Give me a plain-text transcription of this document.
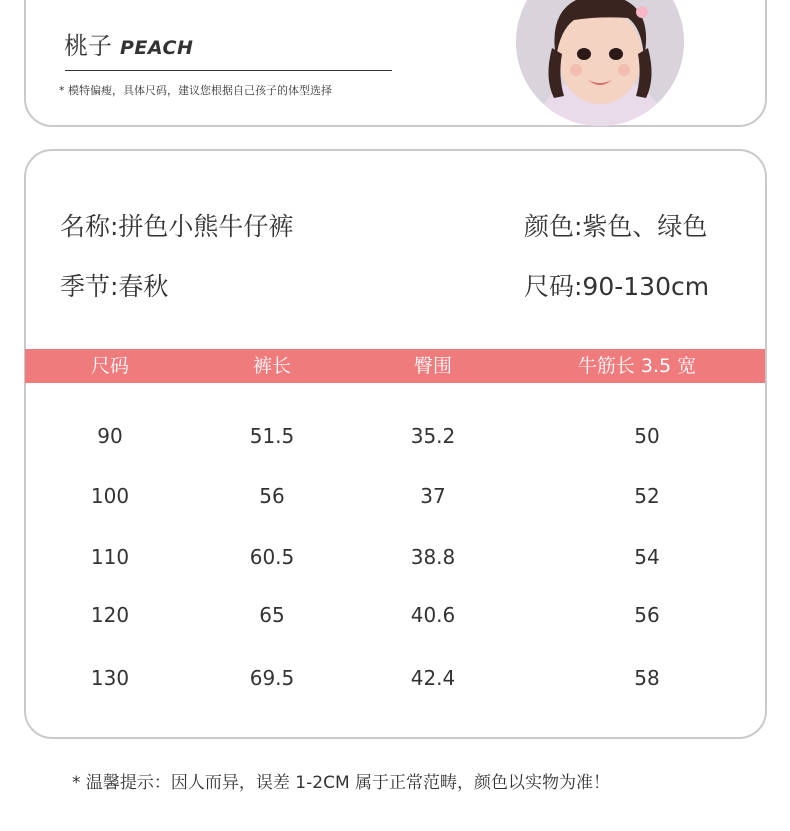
桃子 PEACH
* 模特偏瘦，具体尺码，建议您根据自己孩子的体型选择
名称:拼色小熊牛仔裤	颜色:紫色、绿色
季节:春秋	尺码:90-130cm
尺码	裤长	臀围	牛筋长 3.5 宽
90	51.5	35.2	50
100	56	37	52
110	60.5	38.8	54
120	65	40.6	56
130	69.5	42.4	58
* 温馨提示：因人而异，误差 1-2CM 属于正常范畴，颜色以实物为准！
